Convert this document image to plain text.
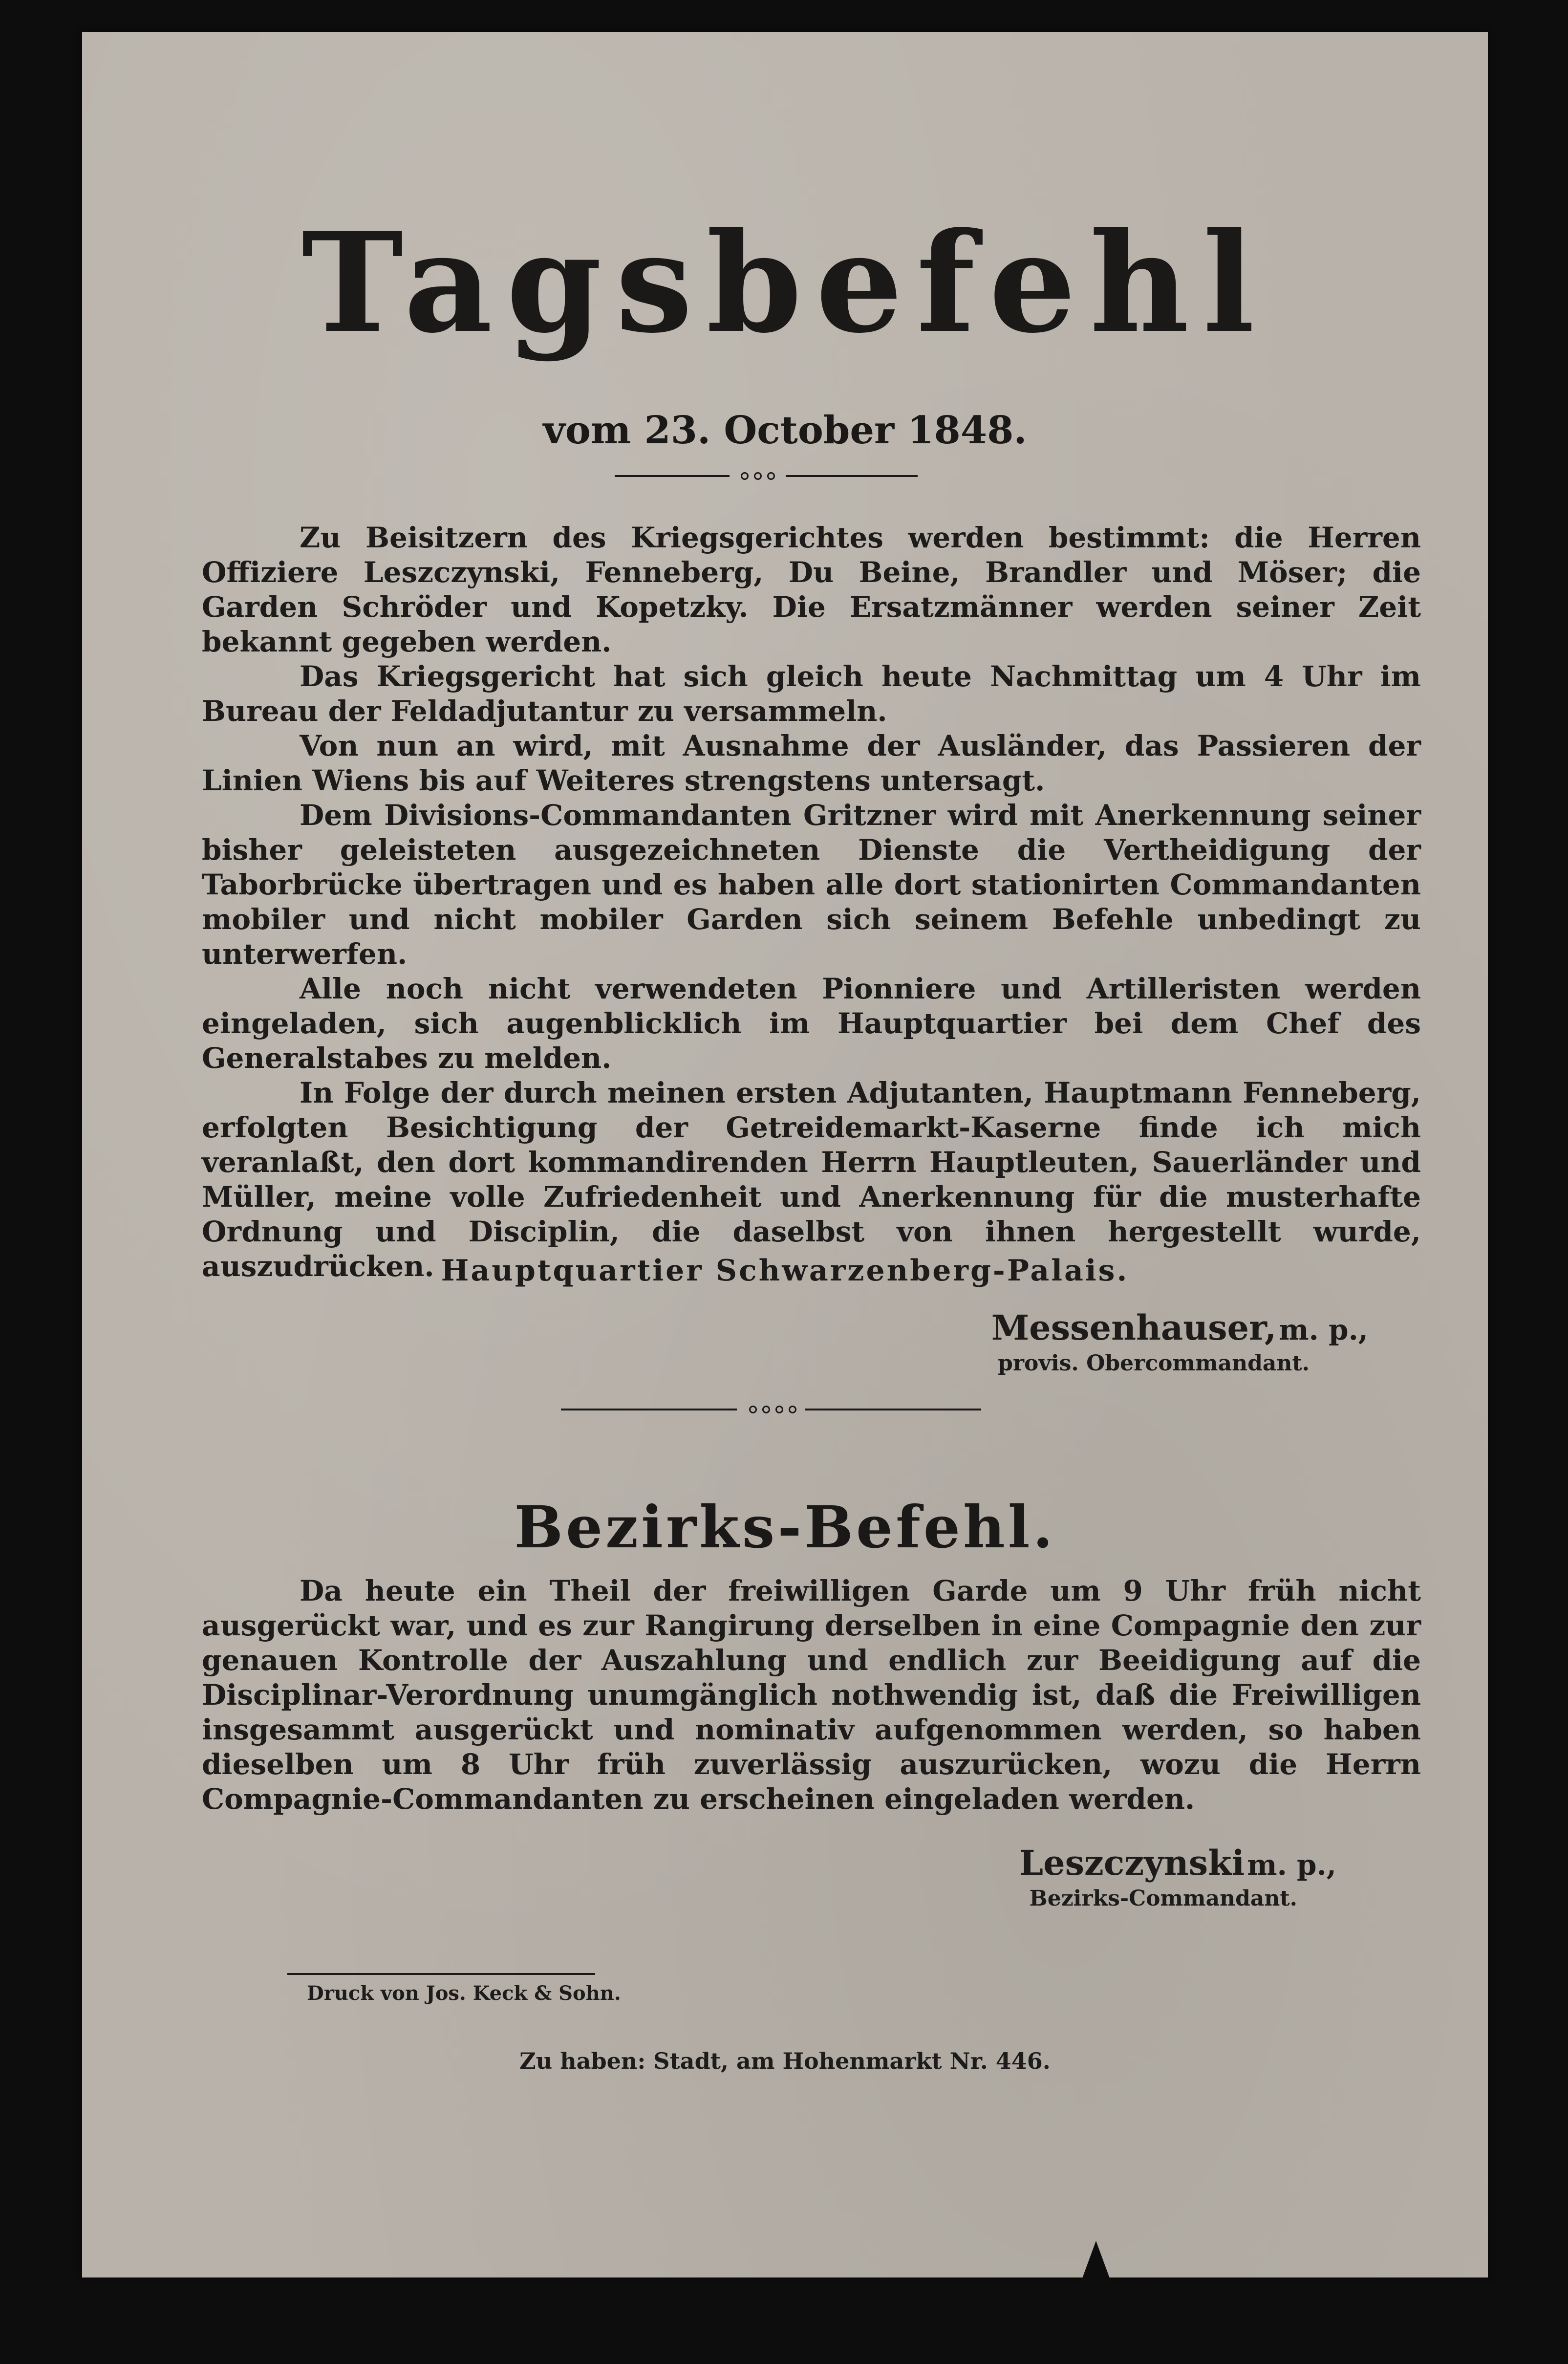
Tagsbefehl
vom 23. October 1848.

Zu Beisitzern des Kriegsgerichtes werden bestimmt: die Herren Offiziere Leszczynski, Fenneberg, Du Beine, Brandler und Möser; die Garden Schröder und Kopetzky. Die Ersatzmänner werden seiner Zeit bekannt gegeben werden.

Das Kriegsgericht hat sich gleich heute Nachmittag um 4 Uhr im Bureau der Feldadjutantur zu versammeln.

Von nun an wird, mit Ausnahme der Ausländer, das Passieren der Linien Wiens bis auf Weiteres strengstens untersagt.

Dem Divisions-Commandanten Gritzner wird mit Anerkennung seiner bisher geleisteten ausgezeichneten Dienste die Vertheidigung der Taborbrücke übertragen und es haben alle dort stationirten Commandanten mobiler und nicht mobiler Garden sich seinem Befehle unbedingt zu unterwerfen.

Alle noch nicht verwendeten Pionniere und Artilleristen werden eingeladen, sich augenblicklich im Hauptquartier bei dem Chef des Generalstabes zu melden.

In Folge der durch meinen ersten Adjutanten, Hauptmann Fenneberg, erfolgten Besichtigung der Getreidemarkt-Kaserne finde ich mich veranlaßt, den dort kommandirenden Herrn Hauptleuten, Sauerländer und Müller, meine volle Zufriedenheit und Anerkennung für die musterhafte Ordnung und Disciplin, die daselbst von ihnen hergestellt wurde, auszudrücken. Hauptquartier Schwarzenberg-Palais.
Messenhauser, m. p.,
provis. Obercommandant.
Bezirks-Befehl.

Da heute ein Theil der freiwilligen Garde um 9 Uhr früh nicht ausgerückt war, und es zur Rangirung derselben in eine Compagnie den zur genauen Kontrolle der Auszahlung und endlich zur Beeidigung auf die Disciplinar-Verordnung unumgänglich nothwendig ist, daß die Freiwilligen insgesammt ausgerückt und nominativ aufgenommen werden, so haben dieselben um 8 Uhr früh zuverlässig auszurücken, wozu die Herrn Compagnie-Commandanten zu erscheinen eingeladen werden.

Leszczynski m. p.,
Bezirks-Commandant.
Druck von Jos. Keck & Sohn.
Zu haben: Stadt, am Hohenmarkt Nr. 446.
